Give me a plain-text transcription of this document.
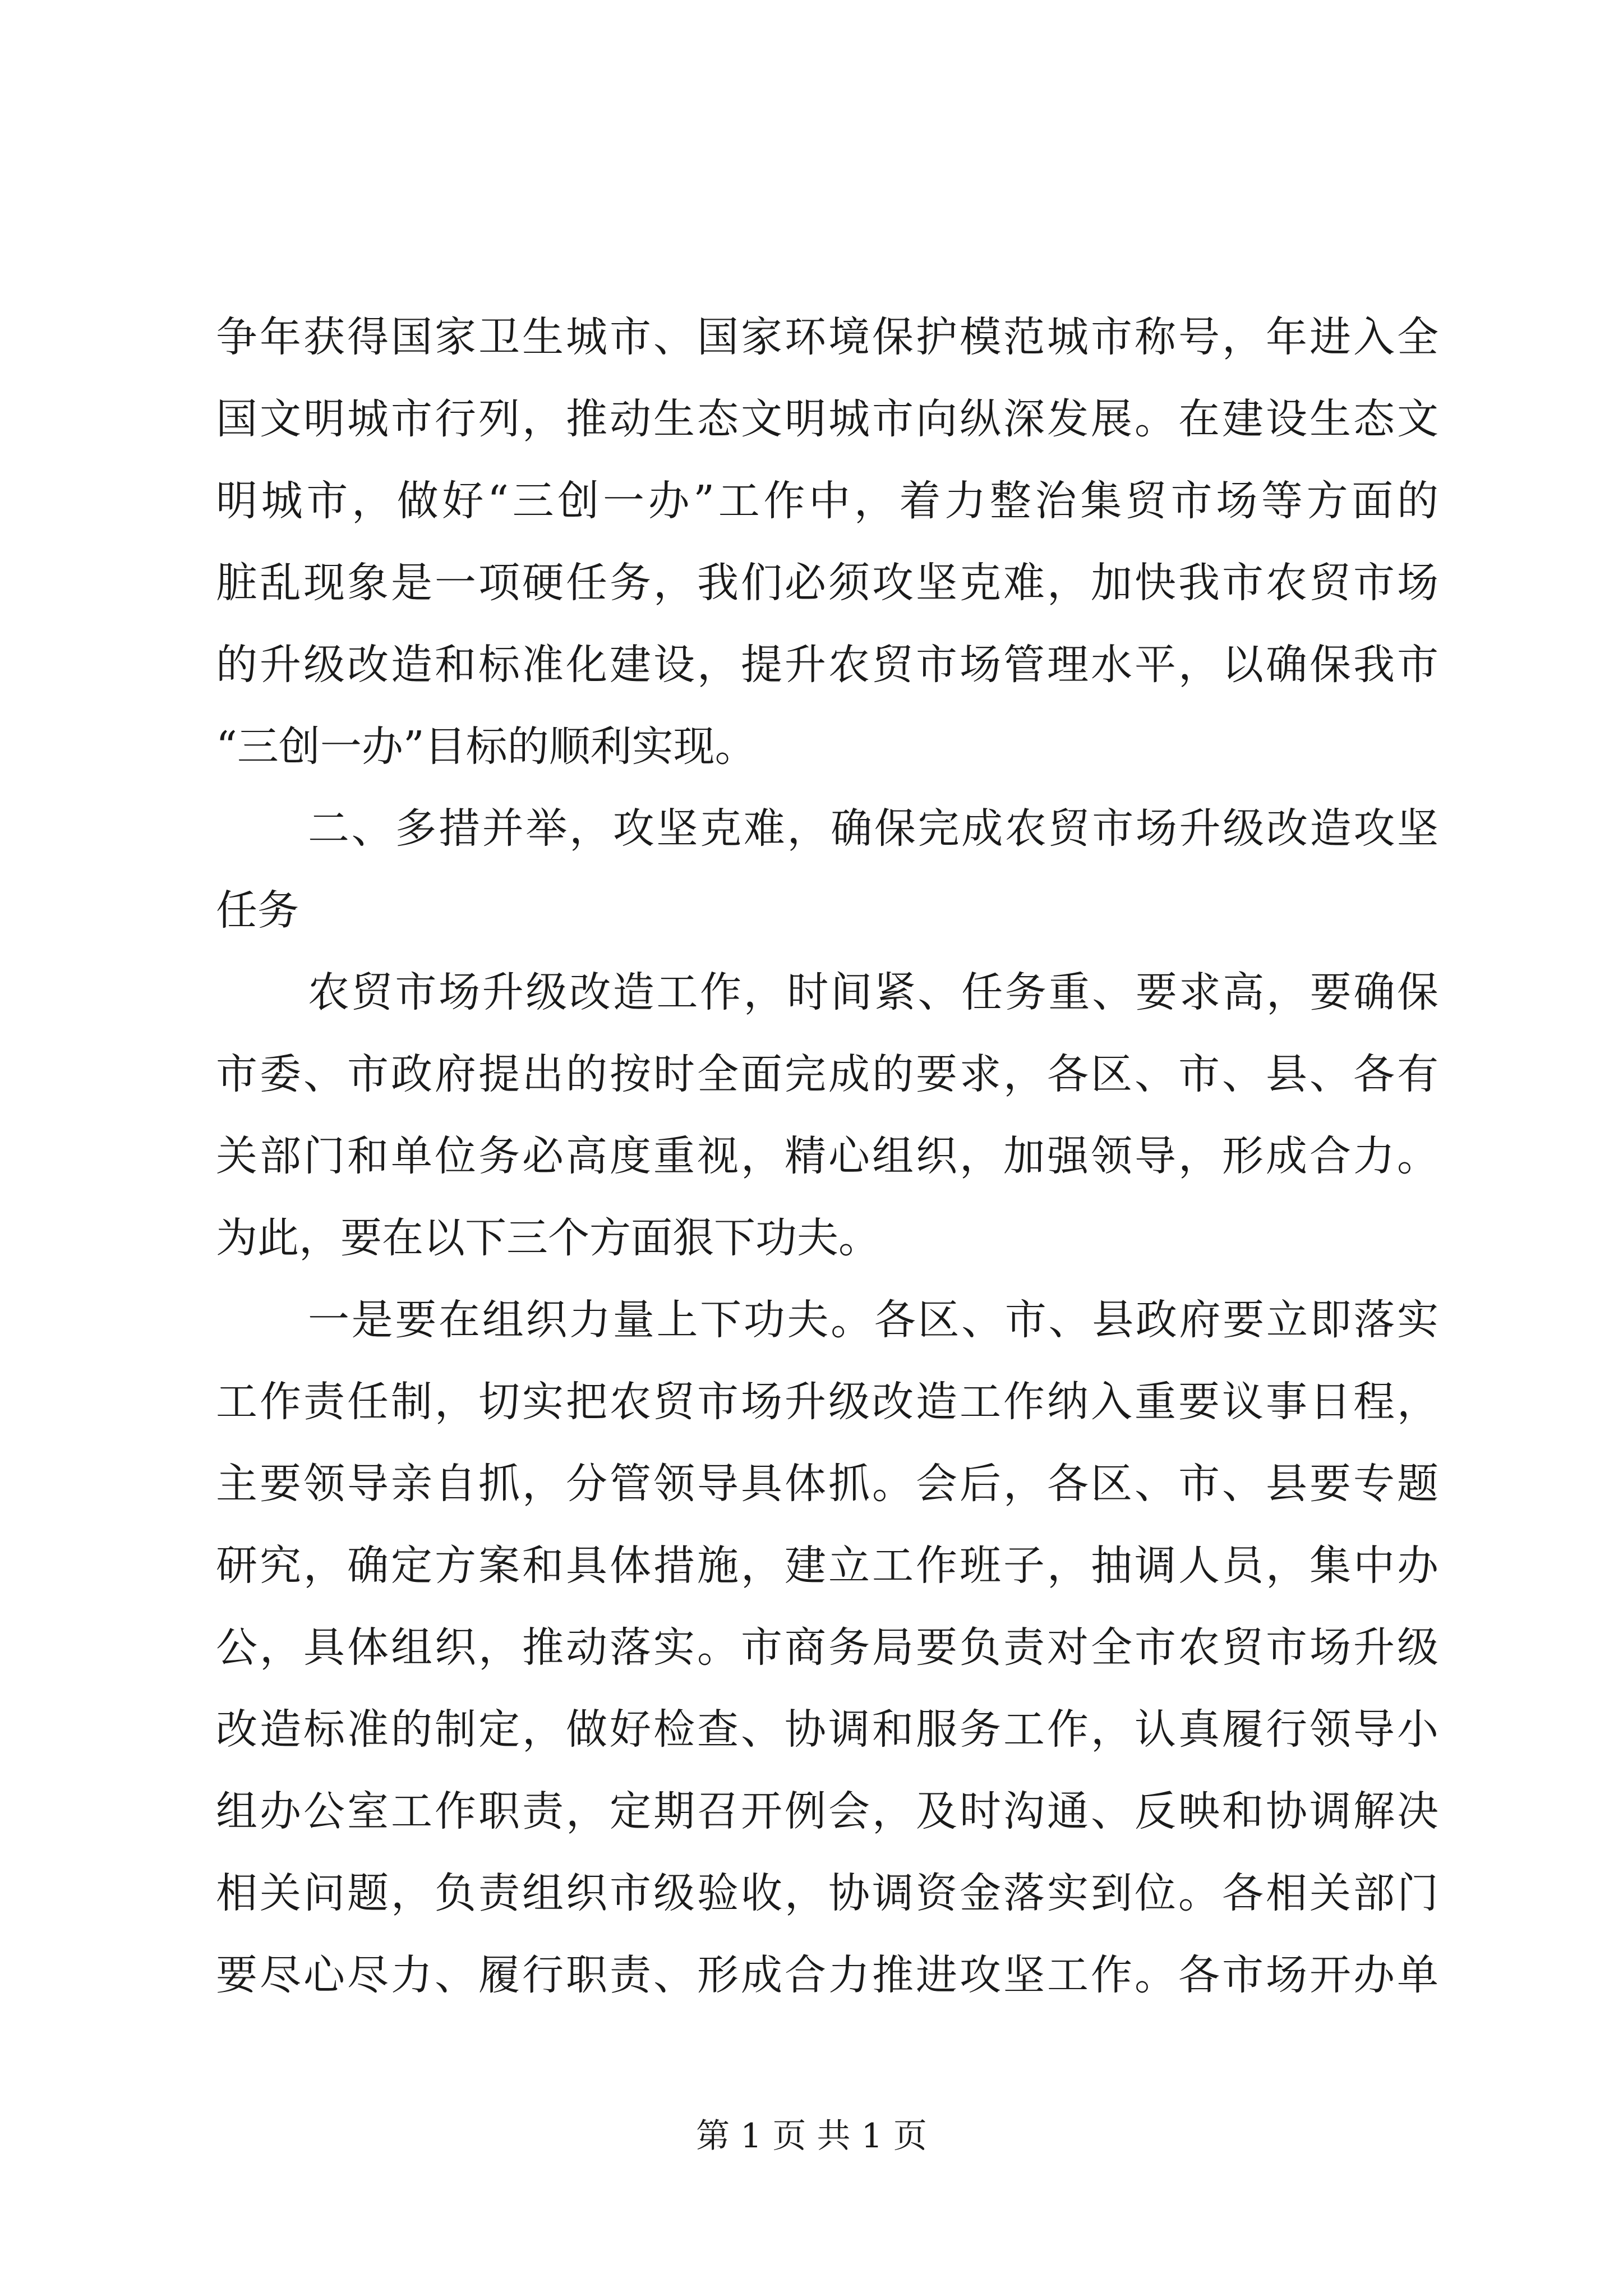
争年获得国家卫生城市、国家环境保护模范城市称号，年进入全
国文明城市行列，推动生态文明城市向纵深发展。在建设生态文
明城市，做好“三创一办”工作中，着力整治集贸市场等方面的
脏乱现象是一项硬任务，我们必须攻坚克难，加快我市农贸市场
的升级改造和标准化建设，提升农贸市场管理水平，以确保我市
“三创一办”目标的顺利实现。
二、多措并举，攻坚克难，确保完成农贸市场升级改造攻坚
任务
农贸市场升级改造工作，时间紧、任务重、要求高，要确保
市委、市政府提出的按时全面完成的要求，各区、市、县、各有
关部门和单位务必高度重视，精心组织，加强领导，形成合力。
为此，要在以下三个方面狠下功夫。
一是要在组织力量上下功夫。各区、市、县政府要立即落实
工作责任制，切实把农贸市场升级改造工作纳入重要议事日程，
主要领导亲自抓，分管领导具体抓。会后，各区、市、县要专题
研究，确定方案和具体措施，建立工作班子，抽调人员，集中办
公，具体组织，推动落实。市商务局要负责对全市农贸市场升级
改造标准的制定，做好检查、协调和服务工作，认真履行领导小
组办公室工作职责，定期召开例会，及时沟通、反映和协调解决
相关问题，负责组织市级验收，协调资金落实到位。各相关部门
要尽心尽力、履行职责、形成合力推进攻坚工作。各市场开办单
第 1 页 共 1 页
